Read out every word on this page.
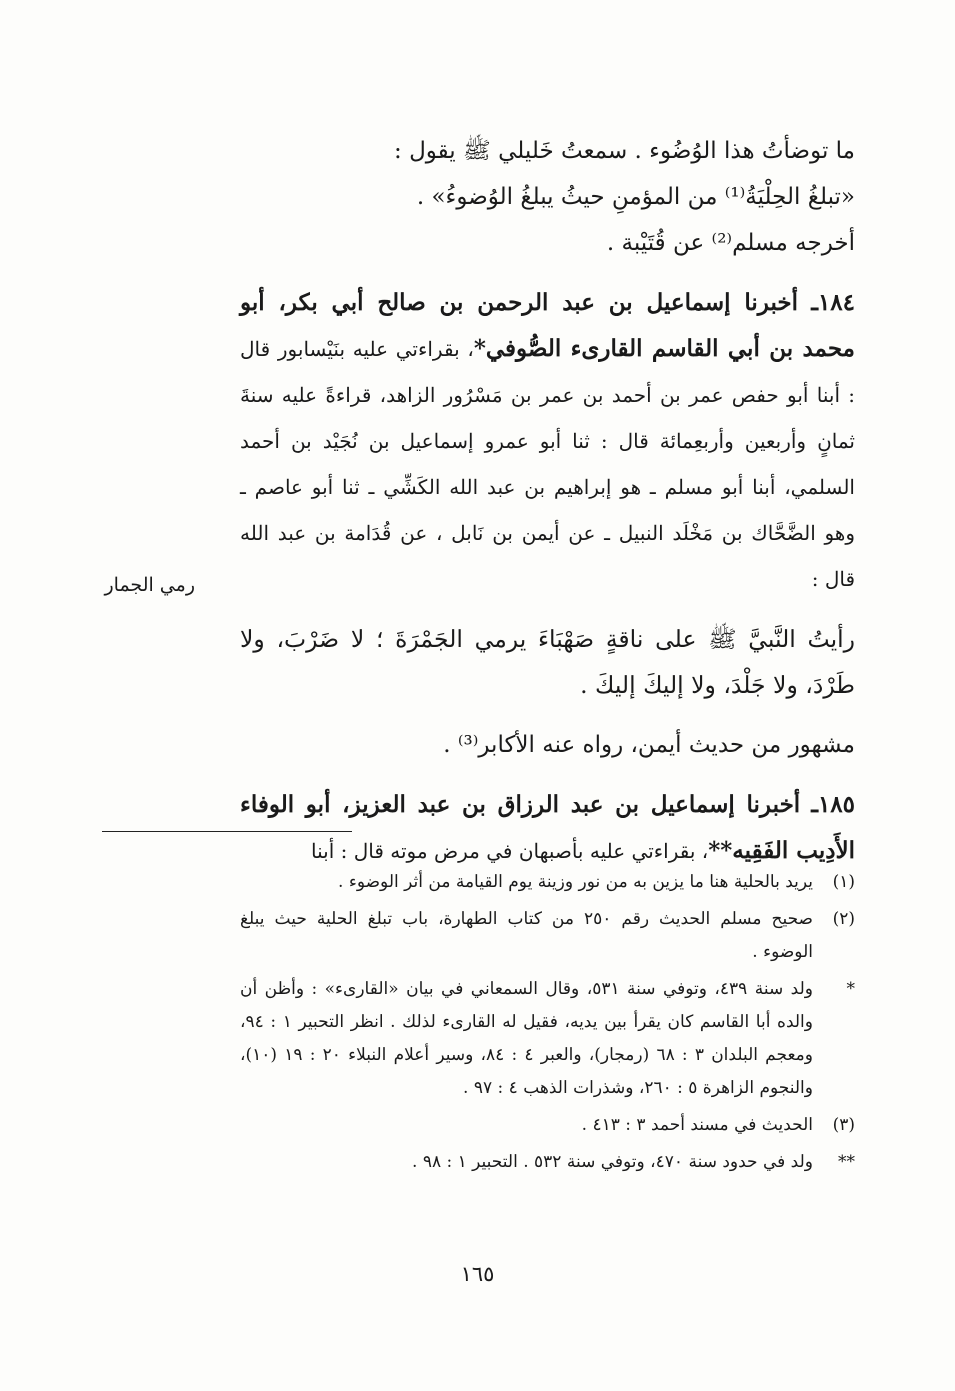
ما توضأتُ هذا الوُضُوء . سمعتُ خَليلي ﷺ يقول :

«تبلغُ الحِلْيَةُ⁽¹⁾ من المؤمنِ حيثُ يبلغُ الوُضوءُ» .

أخرجه مسلم⁽²⁾ عن قُتَيْبة .

١٨٤ـ أخبرنا إسماعيل بن عبد الرحمن بن صالح أبي بكر، أبو محمد بن أبي القاسم القارىء الصُّوفي*، بقراءتي عليه بنَيْسابور قال : أبنا أبو حفص عمر بن أحمد بن عمر بن مَسْرُور الزاهد، قراءةً عليه سنةَ ثمانٍ وأربعين وأربعِمائة قال : ثنا أبو عمرو إسماعيل بن نُجَيْد بن أحمد السلمي، أبنا أبو مسلم ـ هو إبراهيم بن عبد الله الكَشِّي ـ ثنا أبو عاصم ـ وهو الضَّحَّاك بن مَخْلَد النبيل ـ عن أيمن بن نَابل ، عن قُدَامة بن عبد الله قال :

رأيتُ النَّبيَّ ﷺ على ناقةٍ صَهْبَاءَ يرمي الجَمْرَةَ ؛ لا ضَرْبَ، ولا طَرْدَ، ولا جَلْدَ، ولا إليكَ إليكَ .

مشهور من حديث أيمن، رواه عنه الأكابر⁽³⁾ .

١٨٥ـ أخبرنا إسماعيل بن عبد الرزاق بن عبد العزيز، أبو الوفاء الأَدِيب الفَقِيه**، بقراءتي عليه بأصبهان في مرض موته قال : أبنا

رمي الجمار
(١)
يريد بالحلية هنا ما يزين به من نور وزينة يوم القيامة من أثر الوضوء .
(٢)
صحيح مسلم الحديث رقم ٢٥٠ من كتاب الطهارة، باب تبلغ الحلية حيث يبلغ الوضوء .
*
ولد سنة ٤٣٩، وتوفي سنة ٥٣١، وقال السمعاني في بيان «القارىء» : وأظن أن والده أبا القاسم كان يقرأ بين يديه، فقيل له القارىء لذلك . انظر التحبير ١ : ٩٤، ومعجم البلدان ٣ : ٦٨ (رمجار)، والعبر ٤ : ٨٤، وسير أعلام النبلاء ٢٠ : ١٩ (١٠)، والنجوم الزاهرة ٥ : ٢٦٠، وشذرات الذهب ٤ : ٩٧ .
(٣)
الحديث في مسند أحمد ٣ : ٤١٣ .
**
ولد في حدود سنة ٤٧٠، وتوفي سنة ٥٣٢ . التحبير ١ : ٩٨ .
١٦٥
